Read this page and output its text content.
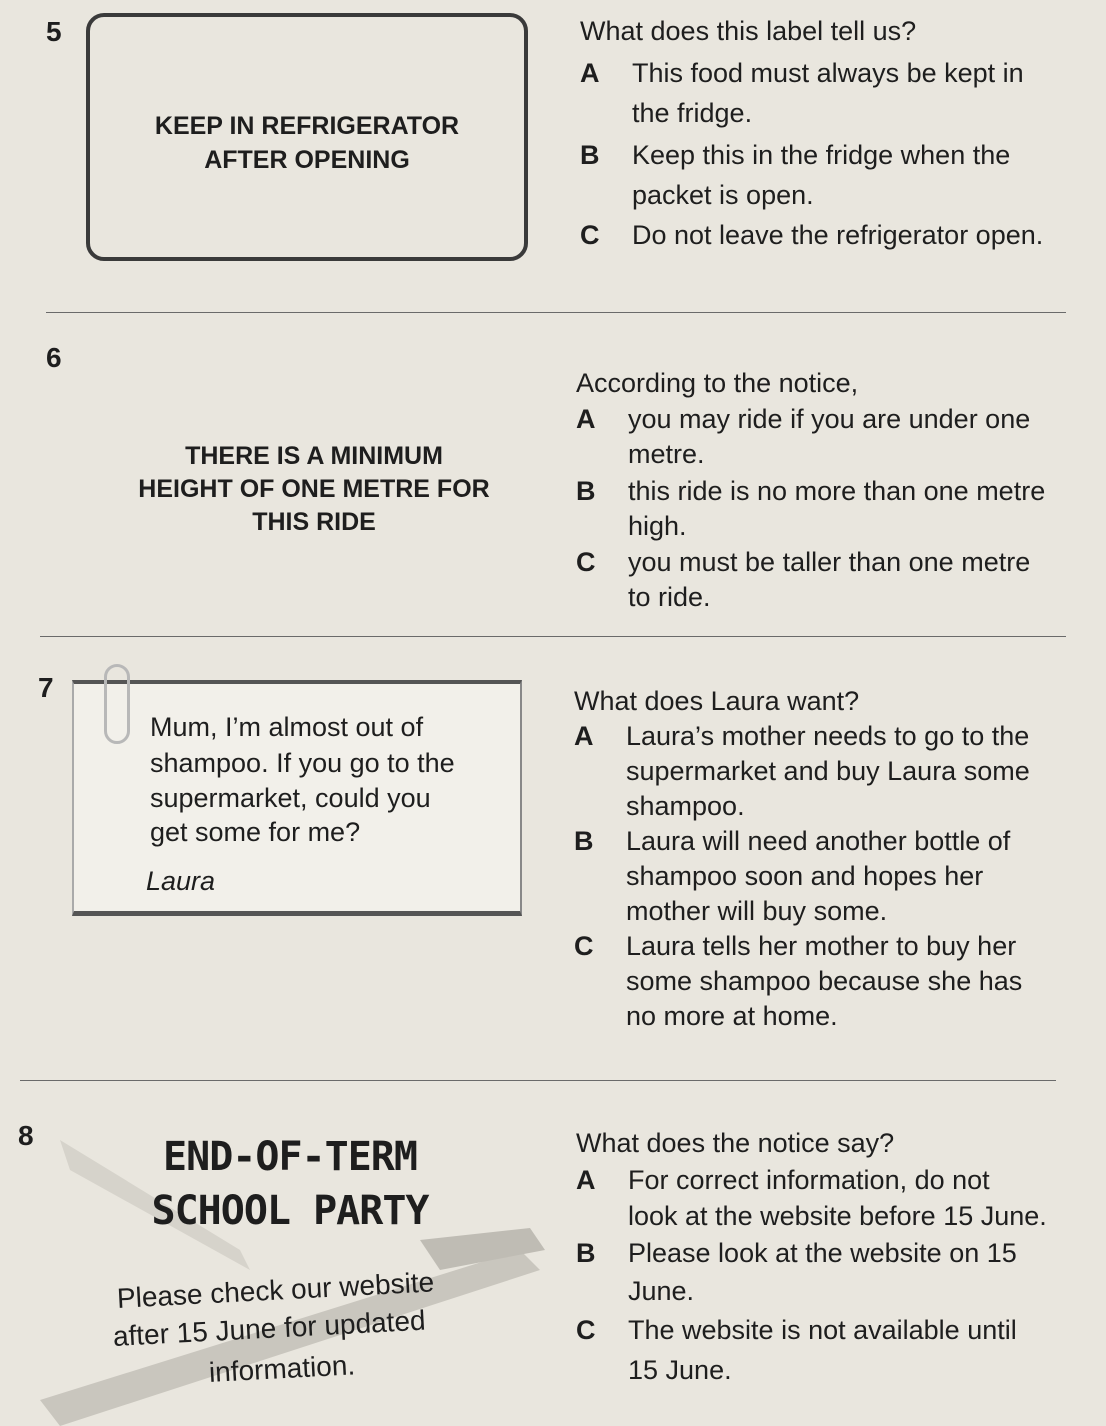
5
KEEP IN REFRIGERATOR
AFTER OPENING
What does this label tell us?
A This food must always be kept in
the fridge.
B Keep this in the fridge when the
packet is open.
C Do not leave the refrigerator open.
6
THERE IS A MINIMUM
HEIGHT OF ONE METRE FOR
THIS RIDE
According to the notice,
A you may ride if you are under one
metre.
B this ride is no more than one metre
high.
C you must be taller than one metre
to ride.
7
Mum, I’m almost out of
shampoo. If you go to the
supermarket, could you
get some for me?
Laura
What does Laura want?
A Laura’s mother needs to go to the
supermarket and buy Laura some
shampoo.
B Laura will need another bottle of
shampoo soon and hopes her
mother will buy some.
C Laura tells her mother to buy her
some shampoo because she has
no more at home.
8	END-OF-TERM
SCHOOL PARTY
Please check our website
after 15 June for updated
information.
What does the notice say?
A For correct information, do not
look at the website before 15 June.
B Please look at the website on 15
June.
C The website is not available until
15 June.
